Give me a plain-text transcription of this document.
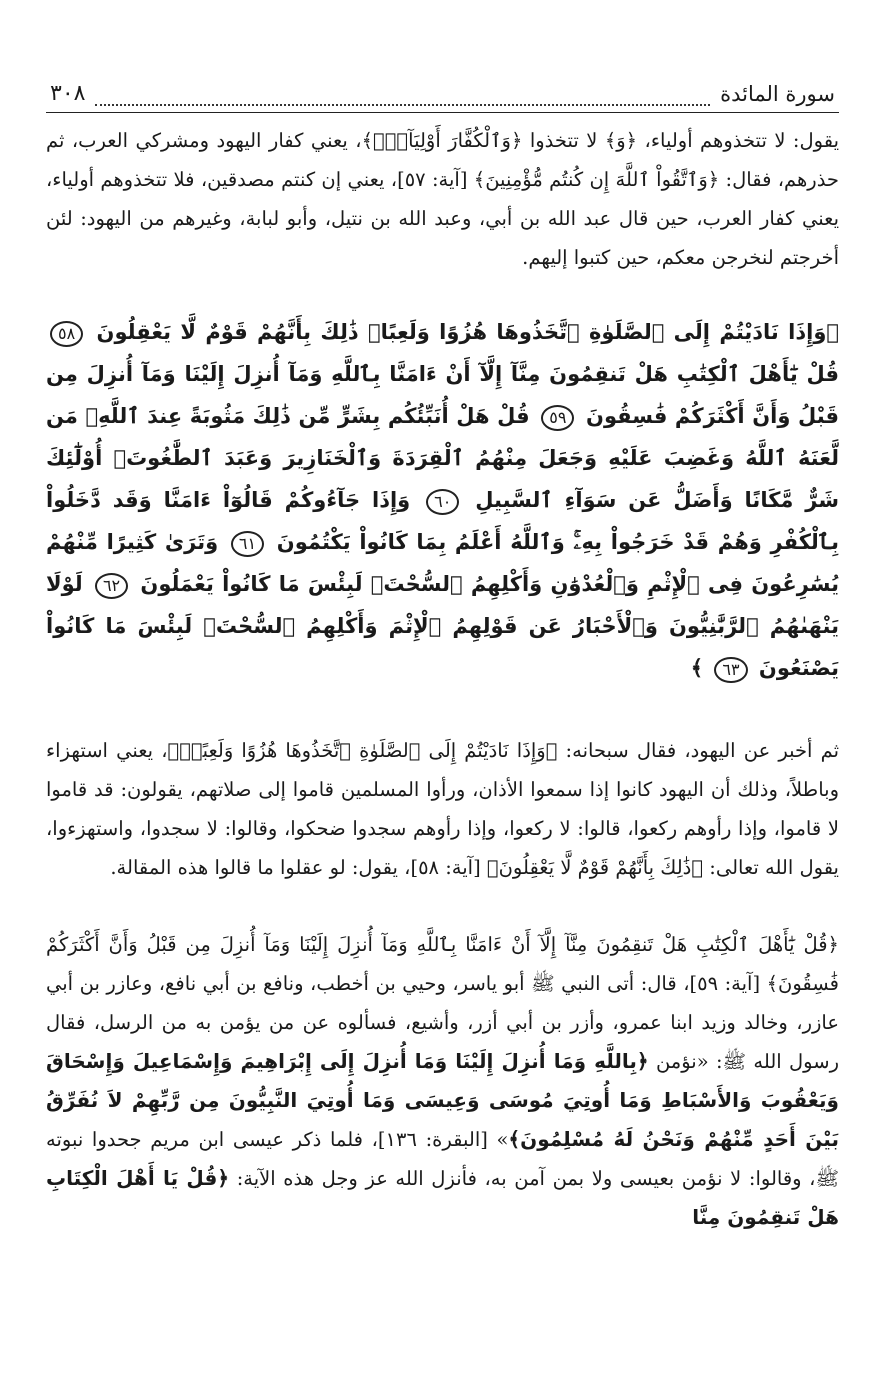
سورة المائدة
٣٠٨

يقول: لا تتخذوهم أولياء، ﴿وَ﴾ لا تتخذوا ﴿وَٱلْكُفَّارَ أَوْلِيَآءَۚ﴾، يعني كفار اليهود ومشركي العرب، ثم حذرهم، فقال: ﴿وَٱتَّقُواْ ٱللَّهَ إِن كُنتُم مُّؤْمِنِينَ﴾ [آية: ٥٧]، يعني إن كنتم مصدقين، فلا تتخذوهم أولياء، يعني كفار العرب، حين قال عبد الله بن أبي، وعبد الله بن نتيل، وأبو لبابة، وغيرهم من اليهود: لئن أخرجتم لنخرجن معكم، حين كتبوا إليهم.

﴿وَإِذَا نَادَيْتُمْ إِلَى ٱلصَّلَوٰةِ ٱتَّخَذُوهَا هُزُوًا وَلَعِبًاۚ ذَٰلِكَ بِأَنَّهُمْ قَوْمٌ لَّا يَعْقِلُونَ ٥٨ قُلْ يَٰٓأَهْلَ ٱلْكِتَٰبِ هَلْ تَنقِمُونَ مِنَّآ إِلَّآ أَنْ ءَامَنَّا بِٱللَّهِ وَمَآ أُنزِلَ إِلَيْنَا وَمَآ أُنزِلَ مِن قَبْلُ وَأَنَّ أَكْثَرَكُمْ فَٰسِقُونَ ٥٩ قُلْ هَلْ أُنَبِّئُكُم بِشَرٍّ مِّن ذَٰلِكَ مَثُوبَةً عِندَ ٱللَّهِۚ مَن لَّعَنَهُ ٱللَّهُ وَغَضِبَ عَلَيْهِ وَجَعَلَ مِنْهُمُ ٱلْقِرَدَةَ وَٱلْخَنَازِيرَ وَعَبَدَ ٱلطَّٰغُوتَۚ أُوْلَٰٓئِكَ شَرٌّ مَّكَانًا وَأَضَلُّ عَن سَوَآءِ ٱلسَّبِيلِ ٦٠ وَإِذَا جَآءُوكُمْ قَالُوٓاْ ءَامَنَّا وَقَد دَّخَلُواْ بِٱلْكُفْرِ وَهُمْ قَدْ خَرَجُواْ بِهِۦۚ وَٱللَّهُ أَعْلَمُ بِمَا كَانُواْ يَكْتُمُونَ ٦١ وَتَرَىٰ كَثِيرًا مِّنْهُمْ يُسَٰرِعُونَ فِى ٱلْإِثْمِ وَٱلْعُدْوَٰنِ وَأَكْلِهِمُ ٱلسُّحْتَۚ لَبِئْسَ مَا كَانُواْ يَعْمَلُونَ ٦٢ لَوْلَا يَنْهَىٰهُمُ ٱلرَّبَّٰنِيُّونَ وَٱلْأَحْبَارُ عَن قَوْلِهِمُ ٱلْإِثْمَ وَأَكْلِهِمُ ٱلسُّحْتَۚ لَبِئْسَ مَا كَانُواْ يَصْنَعُونَ ٦٣ ﴾

ثم أخبر عن اليهود، فقال سبحانه: ﴿وَإِذَا نَادَيْتُمْ إِلَى ٱلصَّلَوٰةِ ٱتَّخَذُوهَا هُزُوًا وَلَعِبًاۚ﴾، يعني استهزاء وباطلاً، وذلك أن اليهود كانوا إذا سمعوا الأذان، ورأوا المسلمين قاموا إلى صلاتهم، يقولون: قد قاموا لا قاموا، وإذا رأوهم ركعوا، قالوا: لا ركعوا، وإذا رأوهم سجدوا ضحكوا، وقالوا: لا سجدوا، واستهزءوا، يقول الله تعالى: ﴿ذَٰلِكَ بِأَنَّهُمْ قَوْمٌ لَّا يَعْقِلُونَ﴾ [آية: ٥٨]، يقول: لو عقلوا ما قالوا هذه المقالة.

﴿قُلْ يَٰٓأَهْلَ ٱلْكِتَٰبِ هَلْ تَنقِمُونَ مِنَّآ إِلَّآ أَنْ ءَامَنَّا بِٱللَّهِ وَمَآ أُنزِلَ إِلَيْنَا وَمَآ أُنزِلَ مِن قَبْلُ وَأَنَّ أَكْثَرَكُمْ فَٰسِقُونَ﴾ [آية: ٥٩]، قال: أتى النبي ﷺ أبو ياسر، وحيي بن أخطب، ونافع بن أبي نافع، وعازر بن أبي عازر، وخالد وزيد ابنا عمرو، وأزر بن أبي أزر، وأشيع، فسألوه عن من يؤمن به من الرسل، فقال رسول الله ﷺ: «نؤمن ﴿بِاللَّهِ وَمَا أُنزِلَ إِلَيْنَا وَمَا أُنزِلَ إِلَى إِبْرَاهِيمَ وَإِسْمَاعِيلَ وَإِسْحَاقَ وَيَعْقُوبَ وَالأَسْبَاطِ وَمَا أُوتِيَ مُوسَى وَعِيسَى وَمَا أُوتِيَ النَّبِيُّونَ مِن رَّبِّهِمْ لاَ نُفَرِّقُ بَيْنَ أَحَدٍ مِّنْهُمْ وَنَحْنُ لَهُ مُسْلِمُونَ﴾» [البقرة: ١٣٦]، فلما ذكر عيسى ابن مريم جحدوا نبوته ﷺ، وقالوا: لا نؤمن بعيسى ولا بمن آمن به، فأنزل الله عز وجل هذه الآية: ﴿قُلْ يَا أَهْلَ الْكِتَابِ هَلْ تَنقِمُونَ مِنَّا
